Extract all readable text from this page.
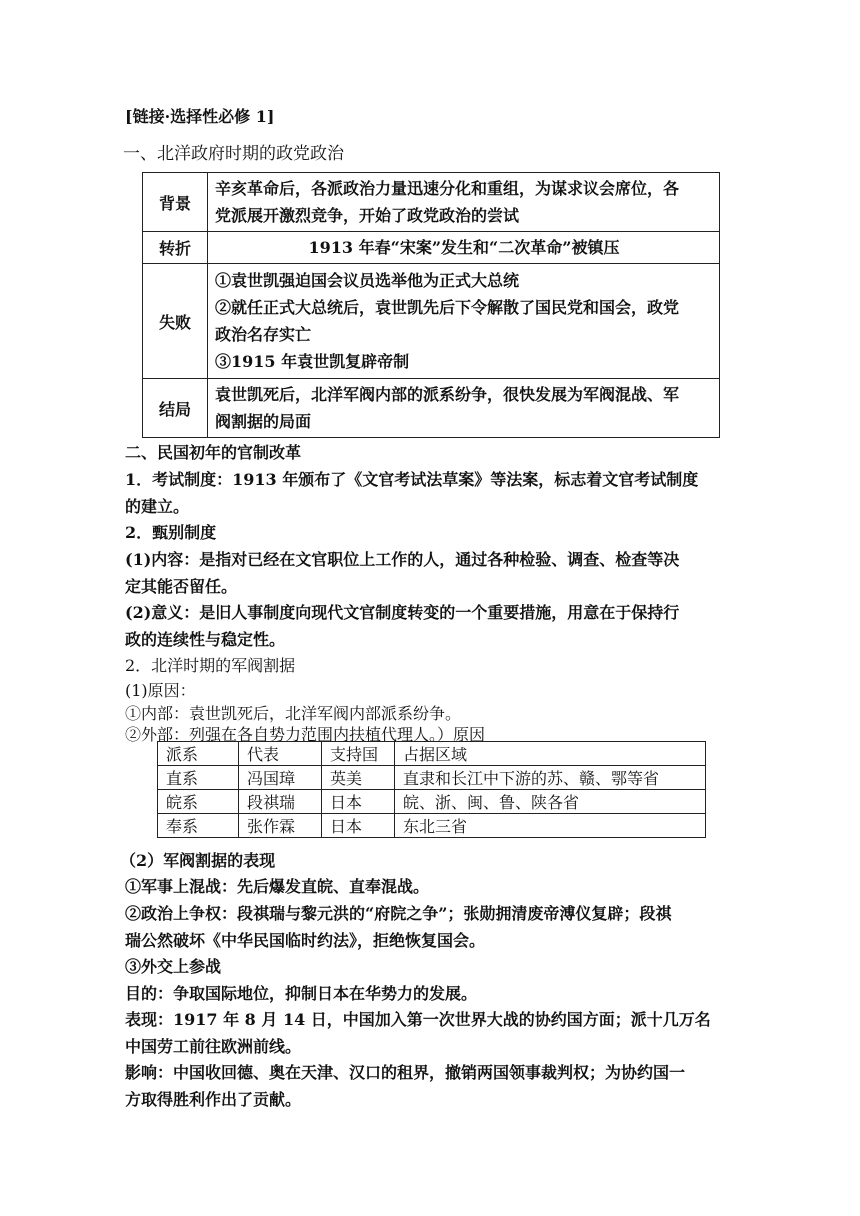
[链接·选择性必修 1]
一、北洋政府时期的政党政治
背景	辛亥革命后，各派政治力量迅速分化和重组，为谋求议会席位，各
党派展开激烈竞争，开始了政党政治的尝试

转折	1913 年春“宋案”发生和“二次革命”被镇压

失败	①袁世凯强迫国会议员选举他为正式大总统
②就任正式大总统后，袁世凯先后下令解散了国民党和国会，政党
政治名存实亡
③1915 年袁世凯复辟帝制

结局	袁世凯死后，北洋军阀内部的派系纷争，很快发展为军阀混战、军
阀割据的局面
二、民国初年的官制改革
1．考试制度：1913 年颁布了《文官考试法草案》等法案，标志着文官考试制度
的建立。
2．甄别制度
(1)内容：是指对已经在文官职位上工作的人，通过各种检验、调查、检查等决
定其能否留任。
(2)意义：是旧人事制度向现代文官制度转变的一个重要措施，用意在于保持行
政的连续性与稳定性。
2．北洋时期的军阀割据
(1)原因：
①内部：袁世凯死后，北洋军阀内部派系纷争。
②外部：列强在各自势力范围内扶植代理人。）原因
派系	代表	支持国	占据区域
直系	冯国璋	英美	直隶和长江中下游的苏、赣、鄂等省
皖系	段祺瑞	日本	皖、浙、闽、鲁、陕各省
奉系	张作霖	日本	东北三省
（2）军阀割据的表现
①军事上混战：先后爆发直皖、直奉混战。
②政治上争权：段祺瑞与黎元洪的“府院之争”；张勋拥清废帝溥仪复辟；段祺
瑞公然破坏《中华民国临时约法》，拒绝恢复国会。
③外交上参战
目的：争取国际地位，抑制日本在华势力的发展。
表现：1917 年 8 月 14 日，中国加入第一次世界大战的协约国方面；派十几万名
中国劳工前往欧洲前线。
影响：中国收回德、奥在天津、汉口的租界，撤销两国领事裁判权；为协约国一
方取得胜利作出了贡献。
